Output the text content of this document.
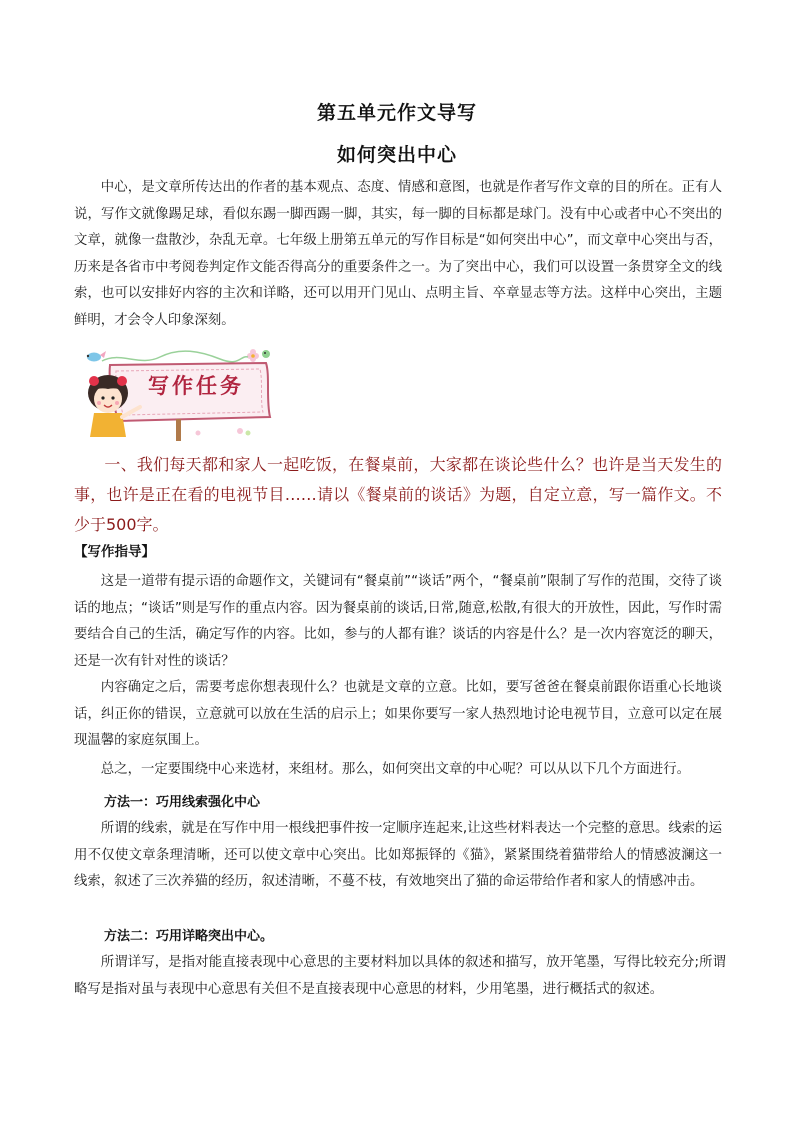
第五单元作文导写
如何突出中心

中心，是文章所传达出的作者的基本观点、态度、情感和意图，也就是作者写作文章的目的所在。正有人说，写作文就像踢足球，看似东踢一脚西踢一脚，其实，每一脚的目标都是球门。没有中心或者中心不突出的文章，就像一盘散沙，杂乱无章。七年级上册第五单元的写作目标是“如何突出中心”，而文章中心突出与否，历来是各省市中考阅卷判定作文能否得高分的重要条件之一。为了突出中心，我们可以设置一条贯穿全文的线索，也可以安排好内容的主次和详略，还可以用开门见山、点明主旨、卒章显志等方法。这样中心突出，主题鲜明，才会令人印象深刻。

写作任务

一、我们每天都和家人一起吃饭，在餐桌前，大家都在谈论些什么？也许是当天发生的事，也许是正在看的电视节目……请以《餐桌前的谈话》为题，自定立意，写一篇作文。不少于500字。

【写作指导】

这是一道带有提示语的命题作文，关键词有“餐桌前”“谈话”两个，“餐桌前”限制了写作的范围，交待了谈话的地点；“谈话”则是写作的重点内容。因为餐桌前的谈话,日常,随意,松散,有很大的开放性，因此，写作时需要结合自己的生活，确定写作的内容。比如，参与的人都有谁？谈话的内容是什么？是一次内容宽泛的聊天，还是一次有针对性的谈话？

内容确定之后，需要考虑你想表现什么？也就是文章的立意。比如，要写爸爸在餐桌前跟你语重心长地谈话，纠正你的错误，立意就可以放在生活的启示上；如果你要写一家人热烈地讨论电视节目，立意可以定在展现温馨的家庭氛围上。

总之，一定要围绕中心来选材，来组材。那么，如何突出文章的中心呢？可以从以下几个方面进行。

方法一：巧用线索强化中心

所谓的线索，就是在写作中用一根线把事件按一定顺序连起来,让这些材料表达一个完整的意思。线索的运用不仅使文章条理清晰，还可以使文章中心突出。比如郑振铎的《猫》，紧紧围绕着猫带给人的情感波澜这一线索，叙述了三次养猫的经历，叙述清晰，不蔓不枝，有效地突出了猫的命运带给作者和家人的情感冲击。

方法二：巧用详略突出中心。

所谓详写，是指对能直接表现中心意思的主要材料加以具体的叙述和描写，放开笔墨，写得比较充分;所谓略写是指对虽与表现中心意思有关但不是直接表现中心意思的材料，少用笔墨，进行概括式的叙述。
